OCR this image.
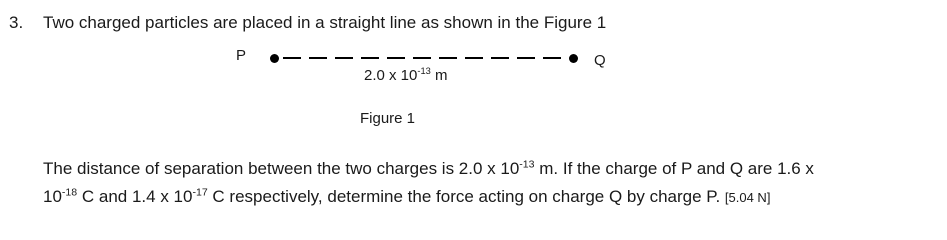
3. Two charged particles are placed in a straight line as shown in the Figure 1
P	Q
2.0 x $10^{-13}$ m
Figure 1
The distance of separation between the two charges is 2.0 x $10^{-13}$ m. If the charge of P and Q are 1.6 x
$10^{-18}$ C and 1.4 x $10^{-17}$ C respectively, determine the force acting on charge Q by charge P. [5.04 N]
